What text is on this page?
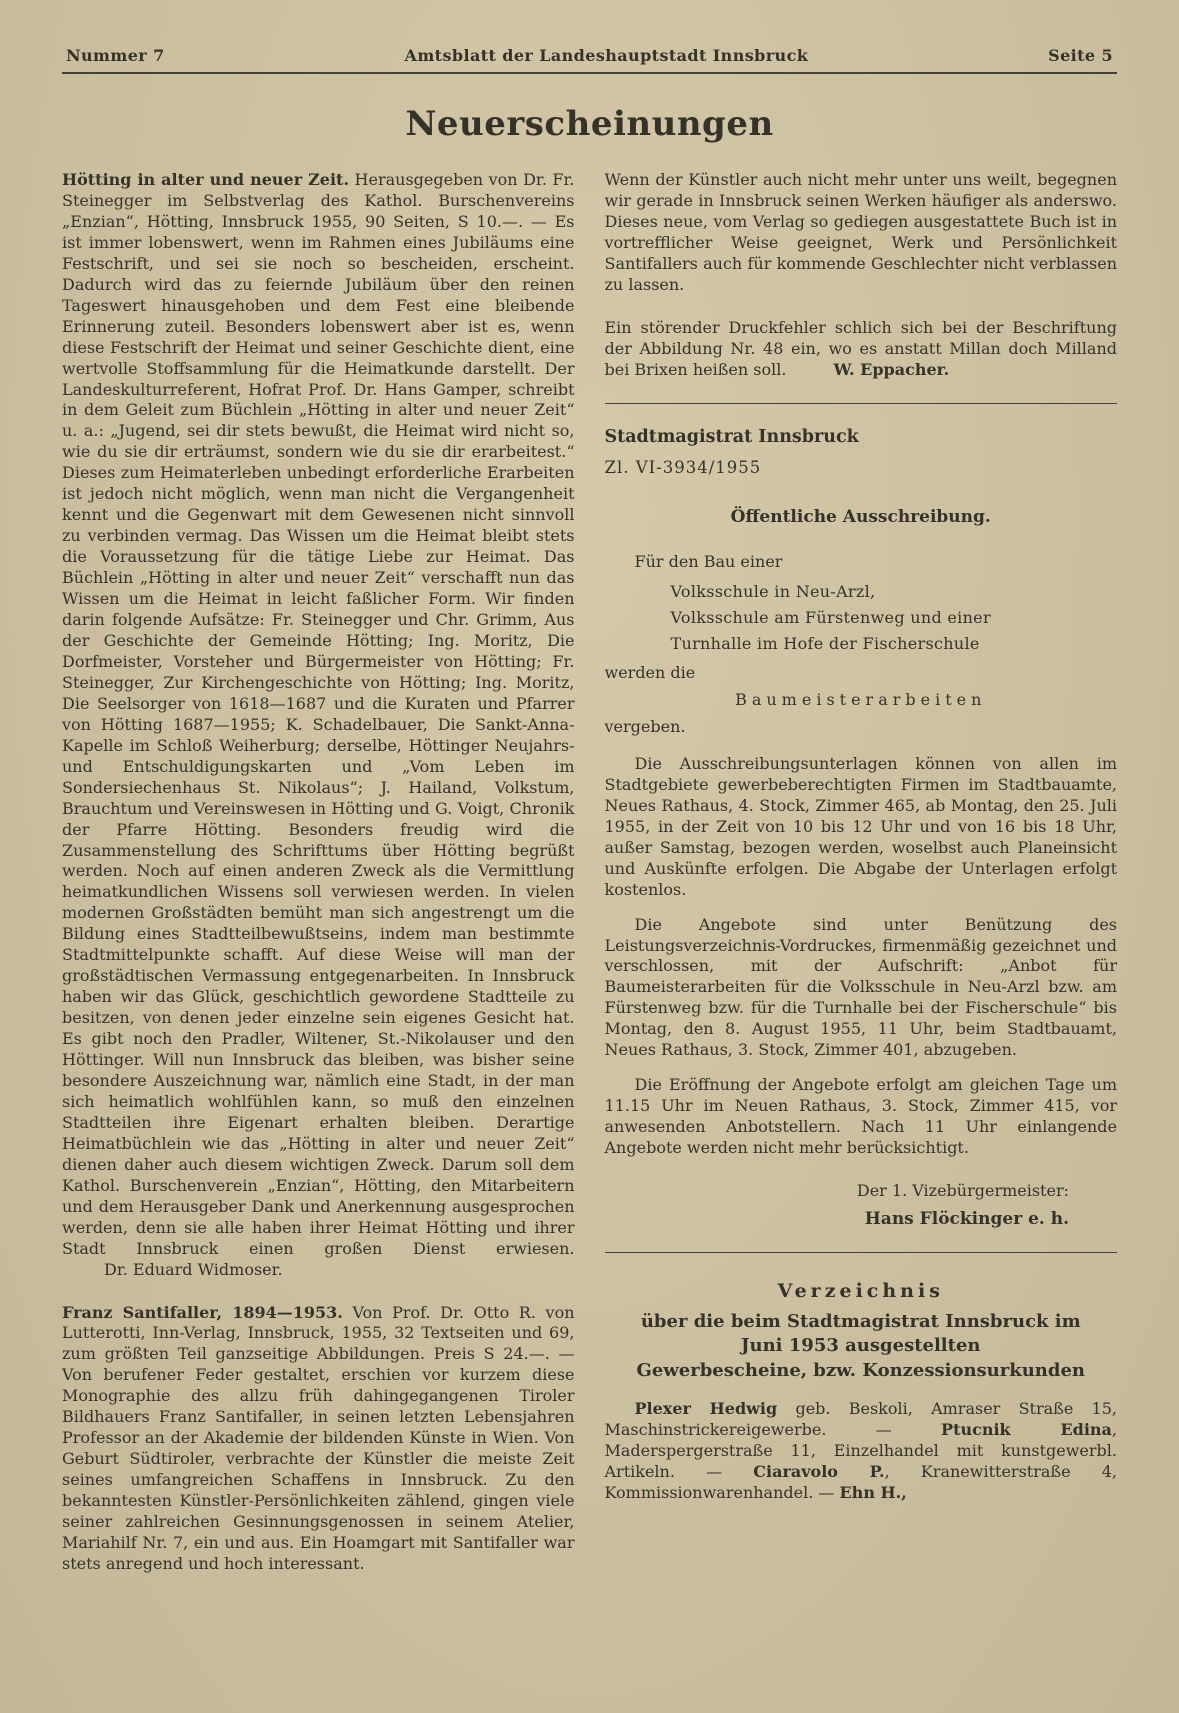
Nummer 7	Amtsblatt der Landeshauptstadt Innsbruck	Seite 5
Neuerscheinungen

Hötting in alter und neuer Zeit. Herausgegeben von Dr. Fr. Steinegger im Selbstverlag des Kathol. Burschenvereins „Enzian“, Hötting, Innsbruck 1955, 90 Seiten, S 10.—. — Es ist immer lobenswert, wenn im Rahmen eines Jubiläums eine Festschrift, und sei sie noch so bescheiden, erscheint. Dadurch wird das zu feiernde Jubiläum über den reinen Tageswert hinausgehoben und dem Fest eine bleibende Erinnerung zuteil. Besonders lobenswert aber ist es, wenn diese Festschrift der Heimat und seiner Geschichte dient, eine wertvolle Stoffsammlung für die Heimatkunde darstellt. Der Landeskulturreferent, Hofrat Prof. Dr. Hans Gamper, schreibt in dem Geleit zum Büchlein „Hötting in alter und neuer Zeit“ u. a.: „Jugend, sei dir stets bewußt, die Heimat wird nicht so, wie du sie dir erträumst, sondern wie du sie dir erarbeitest.“ Dieses zum Heimaterleben unbedingt erforderliche Erarbeiten ist jedoch nicht möglich, wenn man nicht die Vergangenheit kennt und die Gegenwart mit dem Gewesenen nicht sinnvoll zu verbinden vermag. Das Wissen um die Heimat bleibt stets die Voraussetzung für die tätige Liebe zur Heimat. Das Büchlein „Hötting in alter und neuer Zeit“ verschafft nun das Wissen um die Heimat in leicht faßlicher Form. Wir finden darin folgende Aufsätze: Fr. Steinegger und Chr. Grimm, Aus der Geschichte der Gemeinde Hötting; Ing. Moritz, Die Dorfmeister, Vorsteher und Bürgermeister von Hötting; Fr. Steinegger, Zur Kirchengeschichte von Hötting; Ing. Moritz, Die Seelsorger von 1618—1687 und die Kuraten und Pfarrer von Hötting 1687—1955; K. Schadelbauer, Die Sankt-Anna-Kapelle im Schloß Weiherburg; derselbe, Höttinger Neujahrs- und Entschuldigungskarten und „Vom Leben im Sondersiechenhaus St. Nikolaus“; J. Hailand, Volkstum, Brauchtum und Vereinswesen in Hötting und G. Voigt, Chronik der Pfarre Hötting. Besonders freudig wird die Zusammenstellung des Schrifttums über Hötting begrüßt werden. Noch auf einen anderen Zweck als die Vermittlung heimatkundlichen Wissens soll verwiesen werden. In vielen modernen Großstädten bemüht man sich angestrengt um die Bildung eines Stadtteilbewußtseins, indem man bestimmte Stadtmittelpunkte schafft. Auf diese Weise will man der großstädtischen Vermassung entgegenarbeiten. In Innsbruck haben wir das Glück, geschichtlich gewordene Stadtteile zu besitzen, von denen jeder einzelne sein eigenes Gesicht hat. Es gibt noch den Pradler, Wiltener, St.-Nikolauser und den Höttinger. Will nun Innsbruck das bleiben, was bisher seine besondere Auszeichnung war, nämlich eine Stadt, in der man sich heimatlich wohlfühlen kann, so muß den einzelnen Stadtteilen ihre Eigenart erhalten bleiben. Derartige Heimatbüchlein wie das „Hötting in alter und neuer Zeit“ dienen daher auch diesem wichtigen Zweck. Darum soll dem Kathol. Burschenverein „Enzian“, Hötting, den Mitarbeitern und dem Herausgeber Dank und Anerkennung ausgesprochen werden, denn sie alle haben ihrer Heimat Hötting und ihrer Stadt Innsbruck einen großen Dienst erwiesen. Dr. Eduard Widmoser.

Franz Santifaller, 1894—1953. Von Prof. Dr. Otto R. von Lutterotti, Inn-Verlag, Innsbruck, 1955, 32 Textseiten und 69, zum größten Teil ganzseitige Abbildungen. Preis S 24.—. — Von berufener Feder gestaltet, erschien vor kurzem diese Monographie des allzu früh dahingegangenen Tiroler Bildhauers Franz Santifaller, in seinen letzten Lebensjahren Professor an der Akademie der bildenden Künste in Wien. Von Geburt Südtiroler, verbrachte der Künstler die meiste Zeit seines umfangreichen Schaffens in Innsbruck. Zu den bekanntesten Künstler-Persönlichkeiten zählend, gingen viele seiner zahlreichen Gesinnungsgenossen in seinem Atelier, Mariahilf Nr. 7, ein und aus. Ein Hoamgart mit Santifaller war stets anregend und hoch interessant.

Wenn der Künstler auch nicht mehr unter uns weilt, begegnen wir gerade in Innsbruck seinen Werken häufiger als anderswo. Dieses neue, vom Verlag so gediegen ausgestattete Buch ist in vortrefflicher Weise geeignet, Werk und Persönlichkeit Santifallers auch für kommende Geschlechter nicht verblassen zu lassen.

Ein störender Druckfehler schlich sich bei der Beschriftung der Abbildung Nr. 48 ein, wo es anstatt Millan doch Milland bei Brixen heißen soll.	W. Eppacher.

Stadtmagistrat Innsbruck
Zl. VI-3934/1955
Öffentliche Ausschreibung.
Für den Bau einer
Volksschule in Neu-Arzl,
Volksschule am Fürstenweg und einer
Turnhalle im Hofe der Fischerschule
werden die
Baumeisterarbeiten
vergeben.

Die Ausschreibungsunterlagen können von allen im Stadtgebiete gewerbeberechtigten Firmen im Stadtbauamte, Neues Rathaus, 4. Stock, Zimmer 465, ab Montag, den 25. Juli 1955, in der Zeit von 10 bis 12 Uhr und von 16 bis 18 Uhr, außer Samstag, bezogen werden, woselbst auch Planeinsicht und Auskünfte erfolgen. Die Abgabe der Unterlagen erfolgt kostenlos.

Die Angebote sind unter Benützung des Leistungsverzeichnis-Vordruckes, firmenmäßig gezeichnet und verschlossen, mit der Aufschrift: „Anbot für Baumeisterarbeiten für die Volksschule in Neu-Arzl bzw. am Fürstenweg bzw. für die Turnhalle bei der Fischerschule“ bis Montag, den 8. August 1955, 11 Uhr, beim Stadtbauamt, Neues Rathaus, 3. Stock, Zimmer 401, abzugeben.

Die Eröffnung der Angebote erfolgt am gleichen Tage um 11.15 Uhr im Neuen Rathaus, 3. Stock, Zimmer 415, vor anwesenden Anbotstellern. Nach 11 Uhr einlangende Angebote werden nicht mehr berücksichtigt.

Der 1. Vizebürgermeister:
Hans Flöckinger e. h.
Verzeichnis
über die beim Stadtmagistrat Innsbruck im
Juni 1953 ausgestellten
Gewerbescheine, bzw. Konzessionsurkunden

Plexer Hedwig geb. Beskoli, Amraser Straße 15, Maschinstrickereigewerbe. — Ptucnik Edina, Maderspergerstraße 11, Einzelhandel mit kunstgewerbl. Artikeln. — Ciaravolo P., Kranewitterstraße 4, Kommissionwarenhandel. — Ehn H.,
